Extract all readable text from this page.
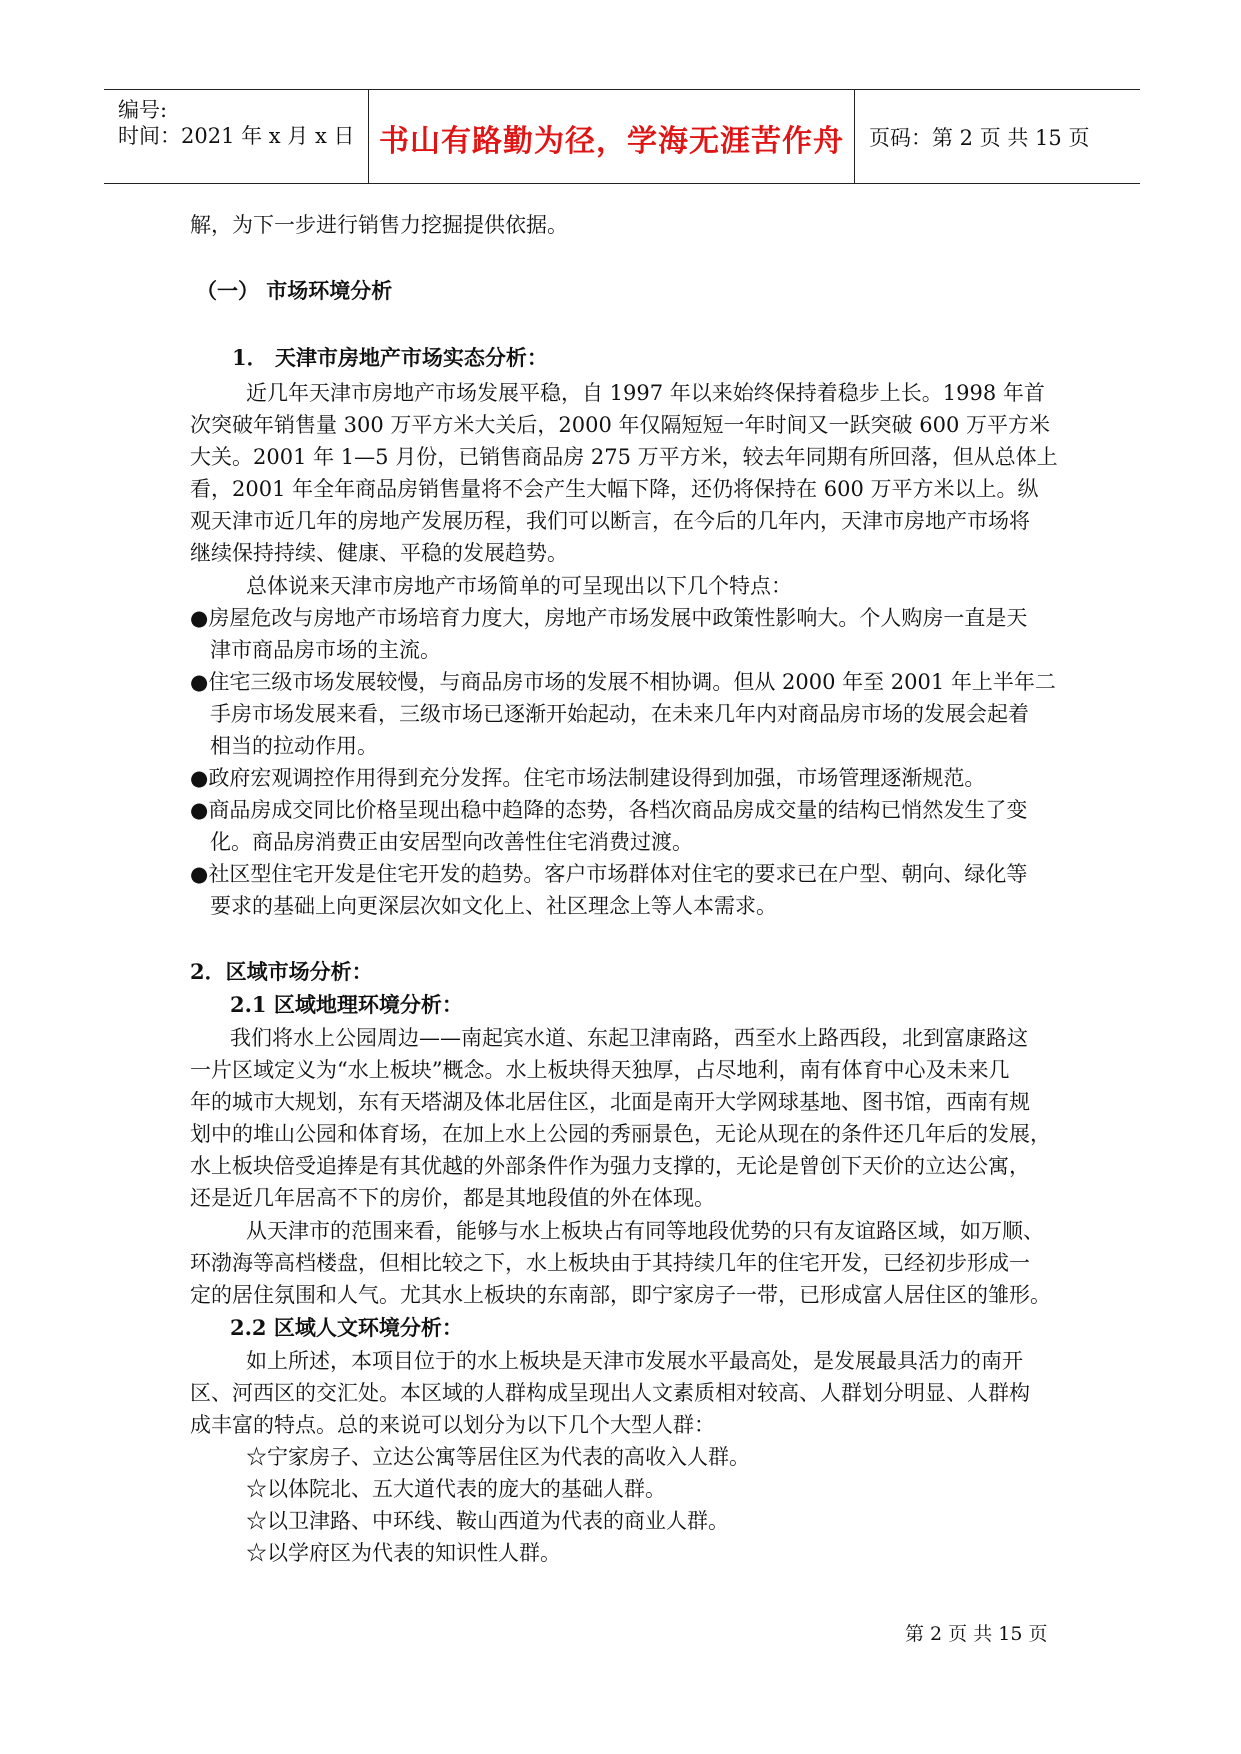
编号:
时间：2021 年 x 月 x 日 书山有路勤为径，学海无涯苦作舟	页码：第 2 页 共 15 页
解，为下一步进行销售力挖掘提供依据。
（一） 市场环境分析
1． 天津市房地产市场实态分析：
近几年天津市房地产市场发展平稳，自 1997 年以来始终保持着稳步上长。1998 年首
次突破年销售量 300 万平方米大关后，2000 年仅隔短短一年时间又一跃突破 600 万平方米
大关。2001 年 1—5 月份，已销售商品房 275 万平方米，较去年同期有所回落，但从总体上
看，2001 年全年商品房销售量将不会产生大幅下降，还仍将保持在 600 万平方米以上。纵
观天津市近几年的房地产发展历程，我们可以断言，在今后的几年内，天津市房地产市场将
继续保持持续、健康、平稳的发展趋势。
总体说来天津市房地产市场简单的可呈现出以下几个特点：
●房屋危改与房地产市场培育力度大，房地产市场发展中政策性影响大。个人购房一直是天
津市商品房市场的主流。
●住宅三级市场发展较慢，与商品房市场的发展不相协调。但从 2000 年至 2001 年上半年二
手房市场发展来看，三级市场已逐渐开始起动，在未来几年内对商品房市场的发展会起着
相当的拉动作用。
●政府宏观调控作用得到充分发挥。住宅市场法制建设得到加强，市场管理逐渐规范。
●商品房成交同比价格呈现出稳中趋降的态势，各档次商品房成交量的结构已悄然发生了变
化。商品房消费正由安居型向改善性住宅消费过渡。
●社区型住宅开发是住宅开发的趋势。客户市场群体对住宅的要求已在户型、朝向、绿化等
要求的基础上向更深层次如文化上、社区理念上等人本需求。
2．区域市场分析：
2.1 区域地理环境分析：
我们将水上公园周边——南起宾水道、东起卫津南路，西至水上路西段，北到富康路这
一片区域定义为“水上板块”概念。水上板块得天独厚，占尽地利，南有体育中心及未来几
年的城市大规划，东有天塔湖及体北居住区，北面是南开大学网球基地、图书馆，西南有规
划中的堆山公园和体育场，在加上水上公园的秀丽景色，无论从现在的条件还几年后的发展，
水上板块倍受追捧是有其优越的外部条件作为强力支撑的，无论是曾创下天价的立达公寓，
还是近几年居高不下的房价，都是其地段值的外在体现。
从天津市的范围来看，能够与水上板块占有同等地段优势的只有友谊路区域，如万顺、
环渤海等高档楼盘，但相比较之下，水上板块由于其持续几年的住宅开发，已经初步形成一
定的居住氛围和人气。尤其水上板块的东南部，即宁家房子一带，已形成富人居住区的雏形。
2.2 区域人文环境分析：
如上所述，本项目位于的水上板块是天津市发展水平最高处，是发展最具活力的南开
区、河西区的交汇处。本区域的人群构成呈现出人文素质相对较高、人群划分明显、人群构
成丰富的特点。总的来说可以划分为以下几个大型人群：
☆宁家房子、立达公寓等居住区为代表的高收入人群。
☆以体院北、五大道代表的庞大的基础人群。
☆以卫津路、中环线、鞍山西道为代表的商业人群。
☆以学府区为代表的知识性人群。
第 2 页 共 15 页
